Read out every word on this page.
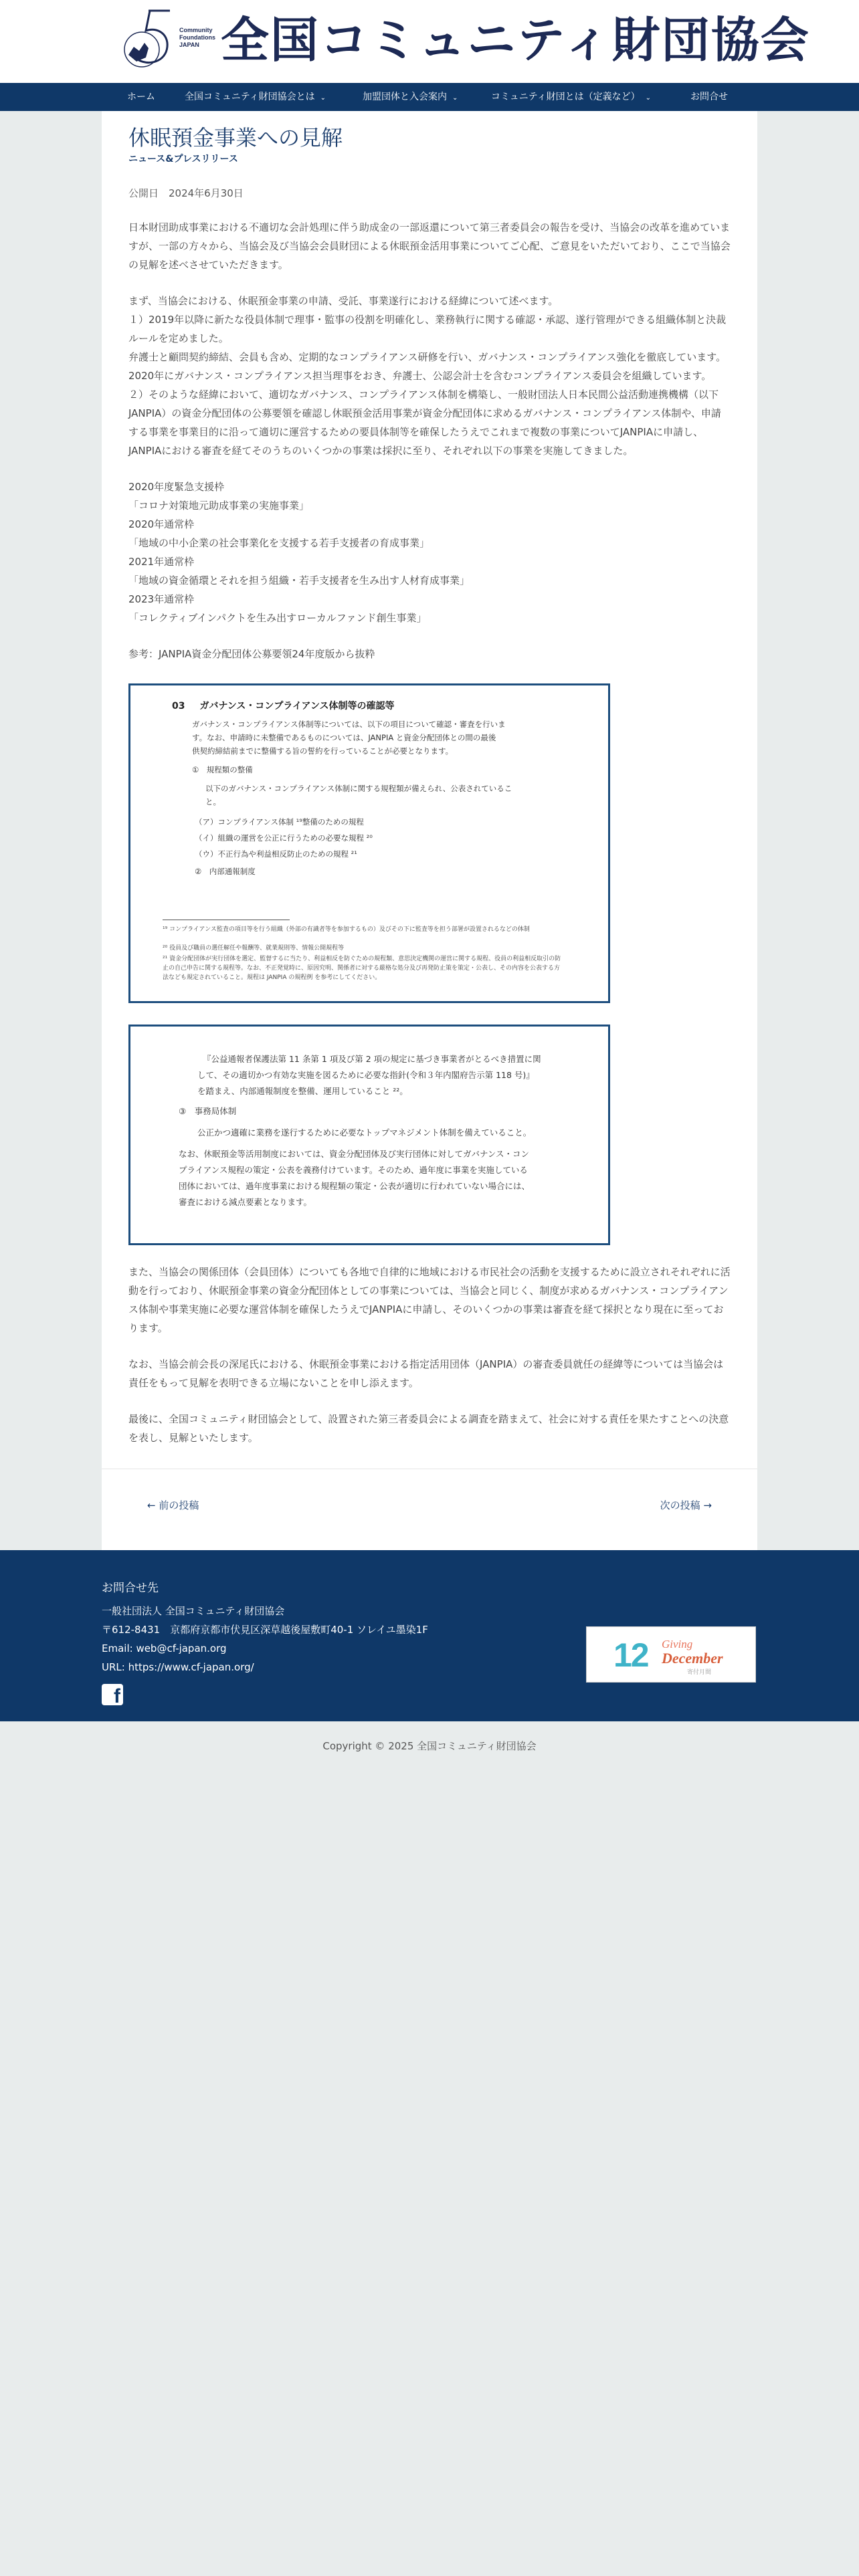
Community
Foundations
JAPAN 全国コミュニティ財団協会
ホーム	全国コミュニティ財団協会とは ⌄	加盟団体と入会案内 ⌄	コミュニティ財団とは（定義など） ⌄	お問合せ
休眠預金事業への見解
ニュース&プレスリリース
公開日　2024年6月30日

日本財団助成事業における不適切な会計処理に伴う助成金の一部返還について第三者委員会の報告を受け、当協会の改革を進めていますが、一部の方々から、当協会及び当協会会員財団による休眠預金活用事業についてご心配、ご意見をいただいており、ここで当協会の見解を述べさせていただきます。

まず、当協会における、休眠預金事業の申請、受託、事業遂行における経緯について述べます。
１）2019年以降に新たな役員体制で理事・監事の役割を明確化し、業務執行に関する確認・承認、遂行管理ができる組織体制と決裁ルールを定めました。
弁護士と顧問契約締結、会員も含め、定期的なコンプライアンス研修を行い、ガバナンス・コンプライアンス強化を徹底しています。
2020年にガバナンス・コンプライアンス担当理事をおき、弁護士、公認会計士を含むコンプライアンス委員会を組織しています。
２）そのような経緯において、適切なガバナンス、コンプライアンス体制を構築し、一般財団法人日本民間公益活動連携機構（以下JANPIA）の資金分配団体の公募要領を確認し休眠預金活用事業が資金分配団体に求めるガバナンス・コンプライアンス体制や、申請する事業を事業目的に沿って適切に運営するための要員体制等を確保したうえでこれまで複数の事業についてJANPIAに申請し、JANPIAにおける審査を経てそのうちのいくつかの事業は採択に至り、それぞれ以下の事業を実施してきました。
2020年度緊急支援枠
「コロナ対策地元助成事業の実施事業」
2020年通常枠
「地域の中小企業の社会事業化を支援する若手支援者の育成事業」
2021年通常枠
「地域の資金循環とそれを担う組織・若手支援者を生み出す人材育成事業」
2023年通常枠
「コレクティブインパクトを生み出すローカルファンド創生事業」

参考：JANPIA資金分配団体公募要領24年度版から抜粋

03 ガバナンス・コンプライアンス体制等の確認等
ガバナンス・コンプライアンス体制等については、以下の項目について確認・審査を行いま
す。なお、申請時に未整備であるものについては、JANPIA と資金分配団体との間の最後
供契約締結前までに整備する旨の誓約を行っていることが必要となります。
①　規程類の整備
以下のガバナンス・コンプライアンス体制に関する規程類が備えられ、公表されているこ
と。
（ア）コンプライアンス体制 ¹⁹整備のための規程
（イ）組織の運営を公正に行うための必要な規程 ²⁰
（ウ）不正行為や利益相反防止のための規程 ²¹
②　内部通報制度
¹⁹ コンプライアンス監査の項目等を行う組織（外部の有識者等を参加するもの）及びその下に監査等を担う部署が設置されるなどの体制
²⁰ 役員及び職員の選任解任や報酬等、就業規則等、情報公開規程等
²¹ 資金分配団体が実行団体を選定、監督するに当たり、利益相反を防ぐための規程類、意思決定機関の運営に関する規程、役員の利益相反取引の防止の自己申告に関する規程等。なお、不正発覚時に、原因究明、関係者に対する厳格な処分及び再発防止策を策定・公表し、その内容を公表する方法なども規定されていること。規程は JANPIA の規程例 を参考にしてください。
『公益通報者保護法第 11 条第 1 項及び第 2 項の規定に基づき事業者がとるべき措置に関
して、その適切かつ有効な実施を図るために必要な指針(令和３年内閣府告示第 118 号)』
を踏まえ、内部通報制度を整備、運用していること ²²。
③　事務局体制
公正かつ適確に業務を遂行するために必要なトップマネジメント体制を備えていること。
なお、休眠預金等活用制度においては、資金分配団体及び実行団体に対してガバナンス・コン
プライアンス規程の策定・公表を義務付けています。そのため、過年度に事業を実施している
団体においては、過年度事業における規程類の策定・公表が適切に行われていない場合には、
審査における減点要素となります。

また、当協会の関係団体（会員団体）についても各地で自律的に地域における市民社会の活動を支援するために設立されそれぞれに活動を行っており、休眠預金事業の資金分配団体としての事業については、当協会と同じく、制度が求めるガバナンス・コンプライアンス体制や事業実施に必要な運営体制を確保したうえでJANPIAに申請し、そのいくつかの事業は審査を経て採択となり現在に至っております。

なお、当協会前会長の深尾氏における、休眠預金事業における指定活用団体（JANPIA）の審査委員就任の経緯等については当協会は責任をもって見解を表明できる立場にないことを申し添えます。

最後に、全国コミュニティ財団協会として、設置された第三者委員会による調査を踏まえて、社会に対する責任を果たすことへの決意を表し、見解といたします。

← 前の投稿	次の投稿 →
お問合せ先
一般社団法人 全国コミュニティ財団協会
〒612-8431　京都府京都市伏見区深草越後屋敷町40-1 ソレイユ墨染1F
Email: web@cf-japan.org
URL: https://www.cf-japan.org/
f
12 Giving
December
寄付月間
Copyright © 2025 全国コミュニティ財団協会
